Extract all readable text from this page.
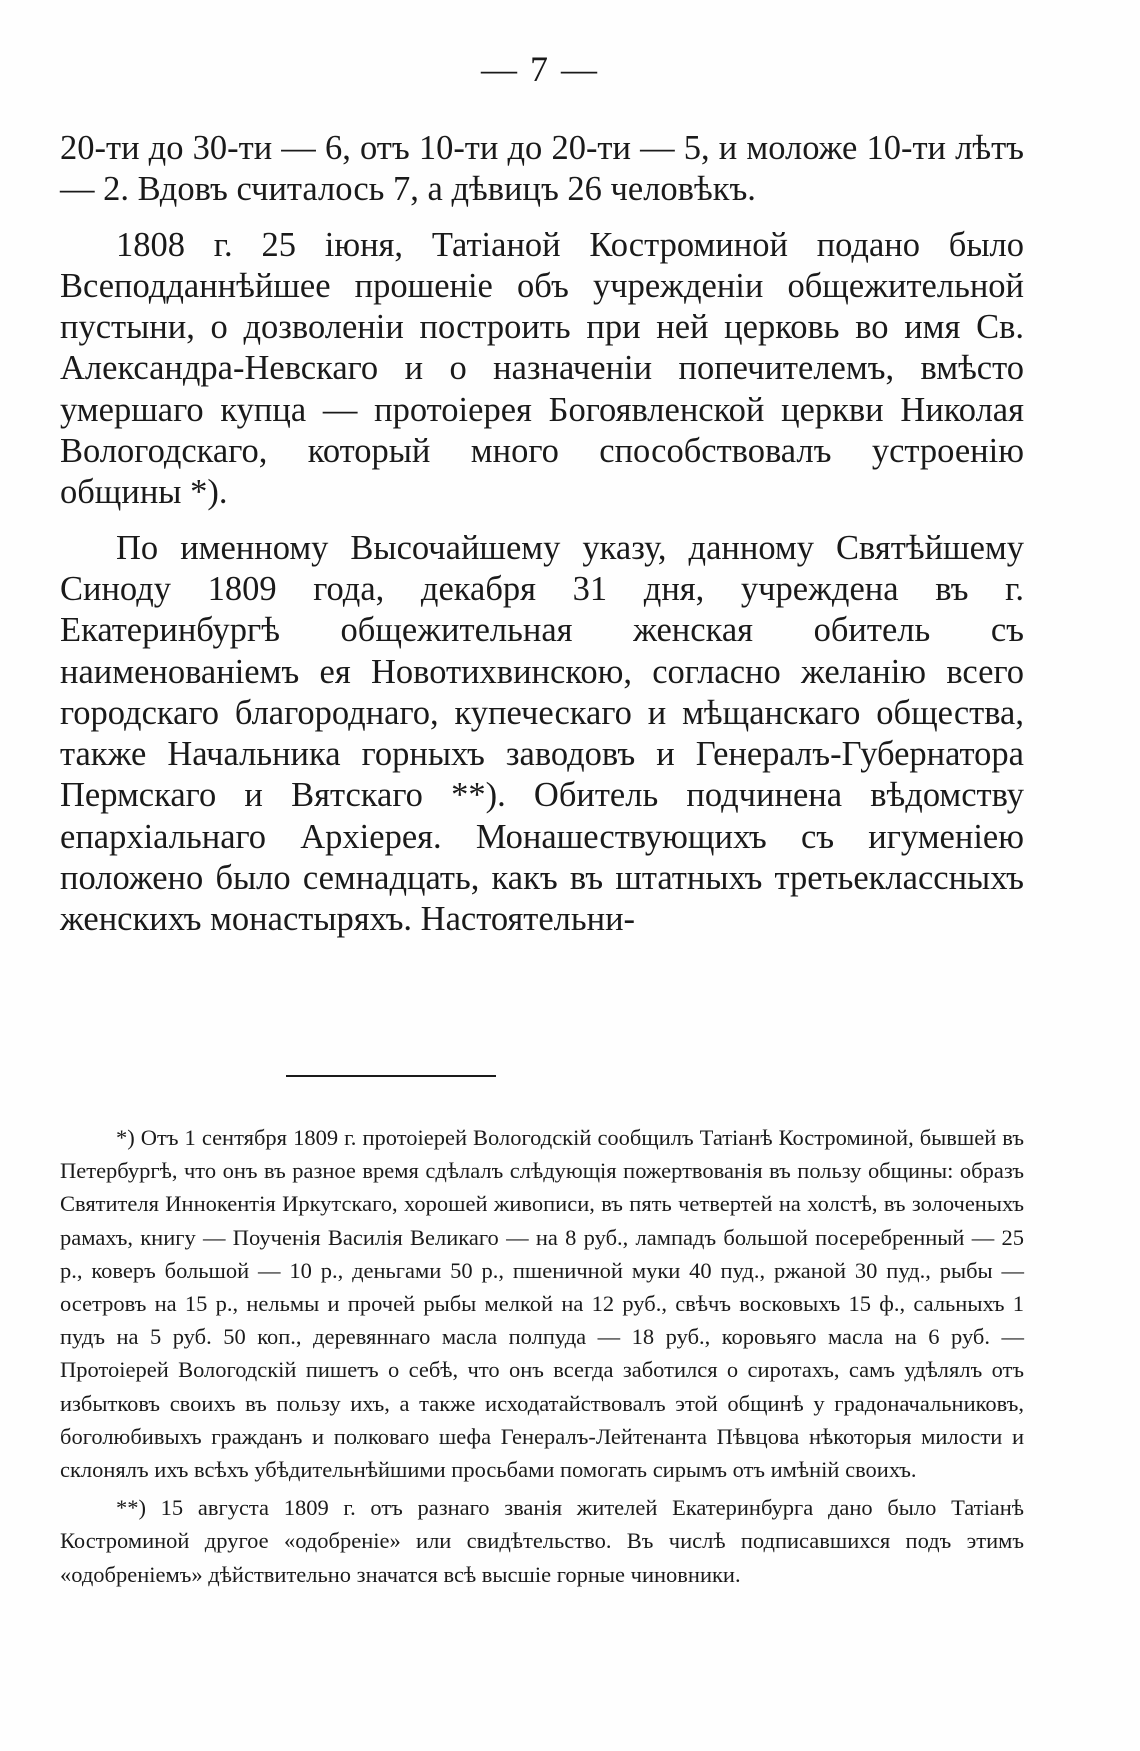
— 7 —

20-ти до 30-ти — 6, отъ 10-ти до 20-ти — 5, и моложе 10-ти лѣтъ — 2. Вдовъ считалось 7, а дѣвицъ 26 человѣкъ.

1808 г. 25 іюня, Татіаной Костроминой подано было Всеподданнѣйшее прошеніе объ учрежденіи общежительной пустыни, о дозволеніи построить при ней церковь во имя Св. Александра-Невскаго и о назначеніи попечителемъ, вмѣсто умершаго купца — протоіерея Богоявленской церкви Николая Вологодскаго, который много способствовалъ устроенію общины *).

По именному Высочайшему указу, данному Святѣйшему Синоду 1809 года, декабря 31 дня, учреждена въ г. Екатеринбургѣ общежительная женская обитель съ наименованіемъ ея Новотихвинскою, согласно желанію всего городскаго благороднаго, купеческаго и мѣщанскаго общества, также Начальника горныхъ заводовъ и Генералъ-Губернатора Пермскаго и Вятскаго **). Обитель подчинена вѣдомству епархіальнаго Архіерея. Монашествующихъ съ игуменіею положено было семнадцать, какъ въ штатныхъ третьеклассныхъ женскихъ монастыряхъ. Настоятельни-

*) Отъ 1 сентября 1809 г. протоіерей Вологодскій сообщилъ Татіанѣ Костроминой, бывшей въ Петербургѣ, что онъ въ разное время сдѣлалъ слѣдующія пожертвованія въ пользу общины: образъ Святителя Иннокентія Иркутскаго, хорошей живописи, въ пять четвертей на холстѣ, въ золоченыхъ рамахъ, книгу — Поученія Василія Великаго — на 8 руб., лампадъ большой посеребренный — 25 р., коверъ большой — 10 р., деньгами 50 р., пшеничной муки 40 пуд., ржаной 30 пуд., рыбы — осетровъ на 15 р., нельмы и прочей рыбы мелкой на 12 руб., свѣчъ восковыхъ 15 ф., сальныхъ 1 пудъ на 5 руб. 50 коп., деревяннаго масла полпуда — 18 руб., коровьяго масла на 6 руб. — Протоіерей Вологодскій пишетъ о себѣ, что онъ всегда заботился о сиротахъ, самъ удѣлялъ отъ избытковъ своихъ въ пользу ихъ, а также исходатайствовалъ этой общинѣ у градоначальниковъ, боголюбивыхъ гражданъ и полковаго шефа Генералъ-Лейтенанта Пѣвцова нѣкоторыя милости и склонялъ ихъ всѣхъ убѣдительнѣйшими просьбами помогать сирымъ отъ имѣній своихъ.

**) 15 августа 1809 г. отъ разнаго званія жителей Екатеринбурга дано было Татіанѣ Костроминой другое «одобреніе» или свидѣтельство. Въ числѣ подписавшихся подъ этимъ «одобреніемъ» дѣйствительно значатся всѣ высшіе горные чиновники.
